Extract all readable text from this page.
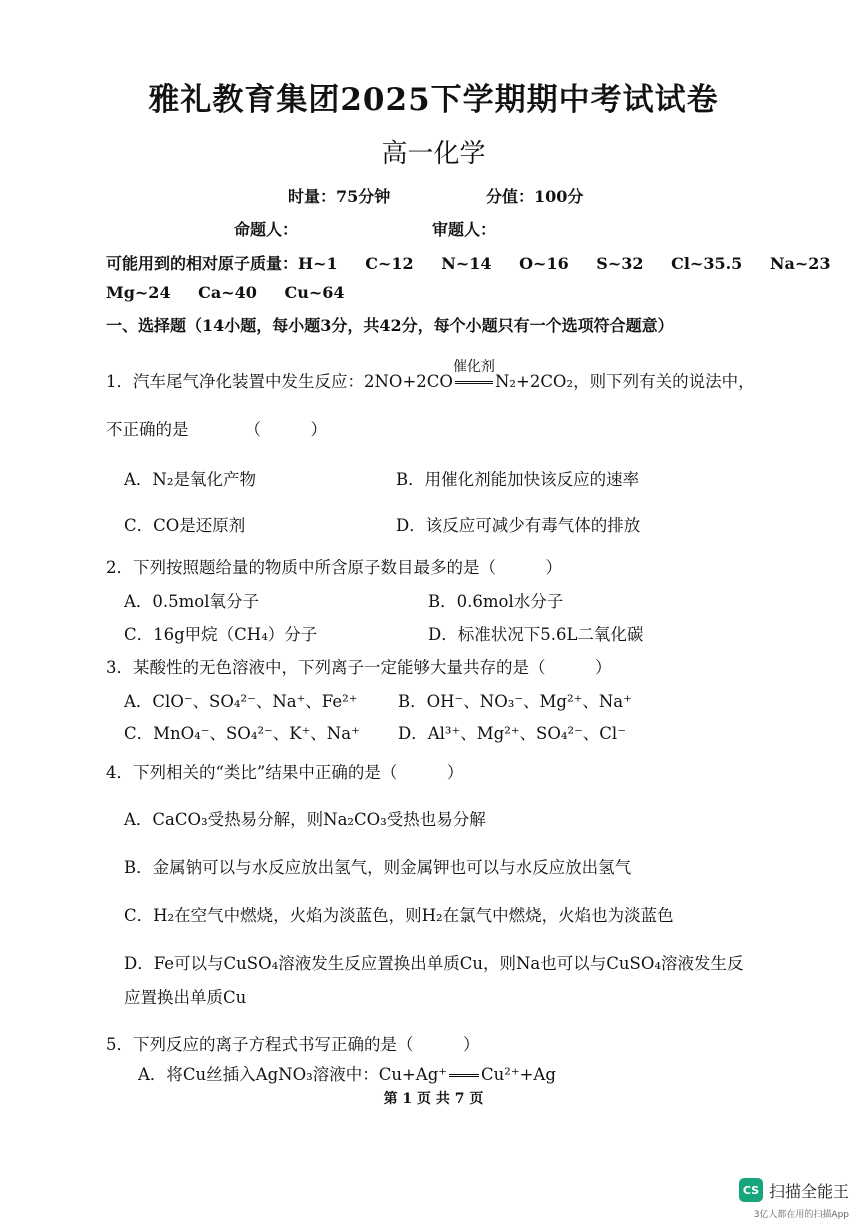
雅礼教育集团2025下学期期中考试试卷
高一化学
时量：75分钟	分值：100分
命题人：	审题人：
可能用到的相对原子质量：H~1 C~12 N~14 O~16 S~32 Cl~35.5 Na~23
Mg~24 Ca~40 Cu~64
一、选择题（14小题，每小题3分，共42分，每个小题只有一个选项符合题意）
1．汽车尾气净化装置中发生反应：2NO+2CO
催化剂
N₂+2CO₂，则下列有关的说法中，
不正确的是	（　　　）
A．N₂是氧化产物	B．用催化剂能加快该反应的速率
C．CO是还原剂	D．该反应可减少有毒气体的排放
2．下列按照题给量的物质中所含原子数目最多的是（　　　）
A．0.5mol氧分子	B．0.6mol水分子
C．16g甲烷（CH₄）分子	D．标准状况下5.6L二氧化碳
3．某酸性的无色溶液中，下列离子一定能够大量共存的是（　　　）
A．ClO⁻、SO₄²⁻、Na⁺、Fe²⁺ B．OH⁻、NO₃⁻、Mg²⁺、Na⁺
C．MnO₄⁻、SO₄²⁻、K⁺、Na⁺ D．Al³⁺、Mg²⁺、SO₄²⁻、Cl⁻
4．下列相关的“类比”结果中正确的是（　　　）
A．CaCO₃受热易分解，则Na₂CO₃受热也易分解
B．金属钠可以与水反应放出氢气，则金属钾也可以与水反应放出氢气
C．H₂在空气中燃烧，火焰为淡蓝色，则H₂在氯气中燃烧，火焰也为淡蓝色
D．Fe可以与CuSO₄溶液发生反应置换出单质Cu，则Na也可以与CuSO₄溶液发生反
应置换出单质Cu
5．下列反应的离子方程式书写正确的是（　　　）
A．将Cu丝插入AgNO₃溶液中：Cu+Ag⁺ Cu²⁺+Ag
第 1 页 共 7 页
CS 扫描全能王
3亿人都在用的扫描App
